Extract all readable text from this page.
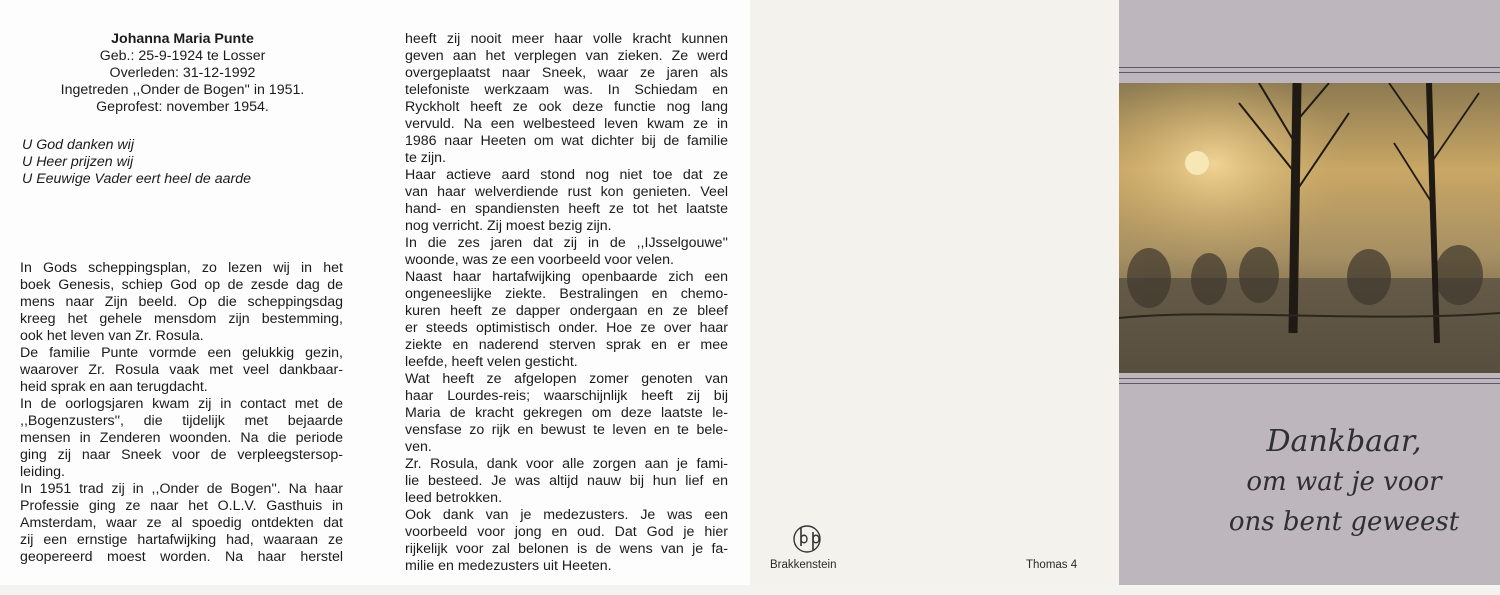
Johanna Maria Punte
Geb.: 25-9-1924 te Losser
Overleden: 31-12-1992
Ingetreden ,,Onder de Bogen'' in 1951.
Geprofest: november 1954.
U God danken wij
U Heer prijzen wij
U Eeuwige Vader eert heel de aarde
In Gods scheppingsplan, zo lezen wij in het
boek Genesis, schiep God op de zesde dag de
mens naar Zijn beeld. Op die scheppingsdag
kreeg het gehele mensdom zijn bestemming,
ook het leven van Zr. Rosula.
De familie Punte vormde een gelukkig gezin,
waarover Zr. Rosula vaak met veel dankbaar-
heid sprak en aan terugdacht.
In de oorlogsjaren kwam zij in contact met de
,,Bogenzusters'', die tijdelijk met bejaarde
mensen in Zenderen woonden. Na die periode
ging zij naar Sneek voor de verpleegstersop-
leiding.
In 1951 trad zij in ,,Onder de Bogen''. Na haar
Professie ging ze naar het O.L.V. Gasthuis in
Amsterdam, waar ze al spoedig ontdekten dat
zij een ernstige hartafwijking had, waaraan ze
geopereerd moest worden. Na haar herstel
heeft zij nooit meer haar volle kracht kunnen
geven aan het verplegen van zieken. Ze werd
overgeplaatst naar Sneek, waar ze jaren als
telefoniste werkzaam was. In Schiedam en
Ryckholt heeft ze ook deze functie nog lang
vervuld. Na een welbesteed leven kwam ze in
1986 naar Heeten om wat dichter bij de familie
te zijn.
Haar actieve aard stond nog niet toe dat ze
van haar welverdiende rust kon genieten. Veel
hand- en spandiensten heeft ze tot het laatste
nog verricht. Zij moest bezig zijn.
In die zes jaren dat zij in de ,,IJsselgouwe''
woonde, was ze een voorbeeld voor velen.
Naast haar hartafwijking openbaarde zich een
ongeneeslijke ziekte. Bestralingen en chemo-
kuren heeft ze dapper ondergaan en ze bleef
er steeds optimistisch onder. Hoe ze over haar
ziekte en naderend sterven sprak en er mee
leefde, heeft velen gesticht.
Wat heeft ze afgelopen zomer genoten van
haar Lourdes-reis; waarschijnlijk heeft zij bij
Maria de kracht gekregen om deze laatste le-
vensfase zo rijk en bewust te leven en te bele-
ven.
Zr. Rosula, dank voor alle zorgen aan je fami-
lie besteed. Je was altijd nauw bij hun lief en
leed betrokken.
Ook dank van je medezusters. Je was een
voorbeeld voor jong en oud. Dat God je hier
rijkelijk voor zal belonen is de wens van je fa-
milie en medezusters uit Heeten.	Brakkenstein	Thomas 4
Dankbaar,
om wat je voor
ons bent geweest
